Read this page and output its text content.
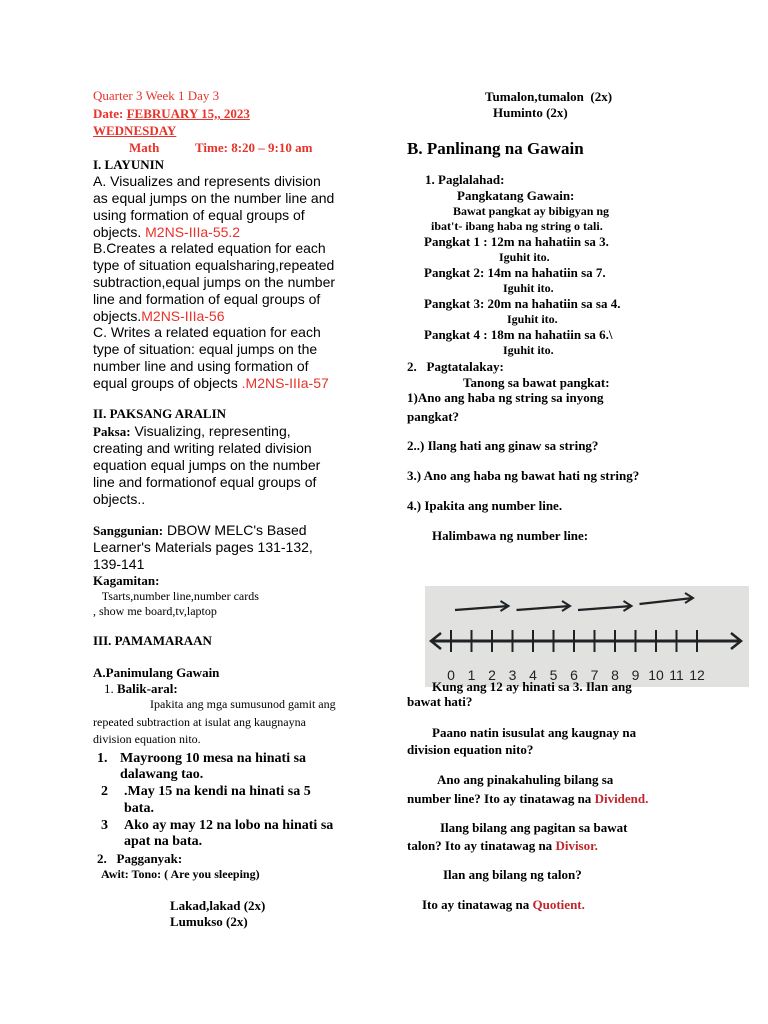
Quarter 3 Week 1 Day 3
Date: FEBRUARY 15,, 2023
WEDNESDAY
Math	Time: 8:20 – 9:10 am
I. LAYUNIN
A. Visualizes and represents division
as equal jumps on the number line and
using formation of equal groups of
objects. M2NS-IIIa-55.2
B.Creates a related equation for each
type of situation equalsharing,repeated
subtraction,equal jumps on the number
line and formation of equal groups of
objects.M2NS-IIIa-56
C. Writes a related equation for each
type of situation: equal jumps on the
number line and using formation of
equal groups of objects .M2NS-IIIa-57
II. PAKSANG ARALIN
Paksa: Visualizing, representing,
creating and writing related division
equation equal jumps on the number
line and formationof equal groups of
objects..
Sanggunian: DBOW MELC's Based
Learner's Materials pages 131-132,
139-141
Kagamitan:
Tsarts,number line,number cards
, show me board,tv,laptop
III. PAMAMARAAN
A.Panimulang Gawain
1. Balik-aral:
Ipakita ang mga sumusunod gamit ang
repeated subtraction at isulat ang kaugnayna
division equation nito.
1. Mayroong 10 mesa na hinati sa
dalawang tao.
2 .May 15 na kendi na hinati sa 5
bata.
3 Ako ay may 12 na lobo na hinati sa
apat na bata.
2.   Pagganyak:
Awit: Tono: ( Are you sleeping)
Lakad,lakad (2x)
Lumukso (2x)
Tumalon,tumalon  (2x)
Huminto (2x)
B. Panlinang na Gawain
1. Paglalahad:
Pangkatang Gawain:
Bawat pangkat ay bibigyan ng
ibat't- ibang haba ng string o tali.
Pangkat 1 : 12m na hahatiin sa 3.
Iguhit ito.
Pangkat 2: 14m na hahatiin sa 7.
Iguhit ito.
Pangkat 3: 20m na hahatiin sa sa 4.
Iguhit ito.
Pangkat 4 : 18m na hahatiin sa 6.\
Iguhit ito.
2.   Pagtatalakay:
Tanong sa bawat pangkat:
1)Ano ang haba ng string sa inyong
pangkat?
2..) Ilang hati ang ginaw sa string?
3.) Ano ang haba ng bawat hati ng string?
4.) Ipakita ang number line.
Halimbawa ng number line:
0 1 2 3 4 5 6 7 8 9 10 11 12
Kung ang 12 ay hinati sa 3. Ilan ang
bawat hati?
Paano natin isusulat ang kaugnay na
division equation nito?
Ano ang pinakahuling bilang sa
number line? Ito ay tinatawag na Dividend.
Ilang bilang ang pagitan sa bawat
talon? Ito ay tinatawag na Divisor.
Ilan ang bilang ng talon?
Ito ay tinatawag na Quotient.
